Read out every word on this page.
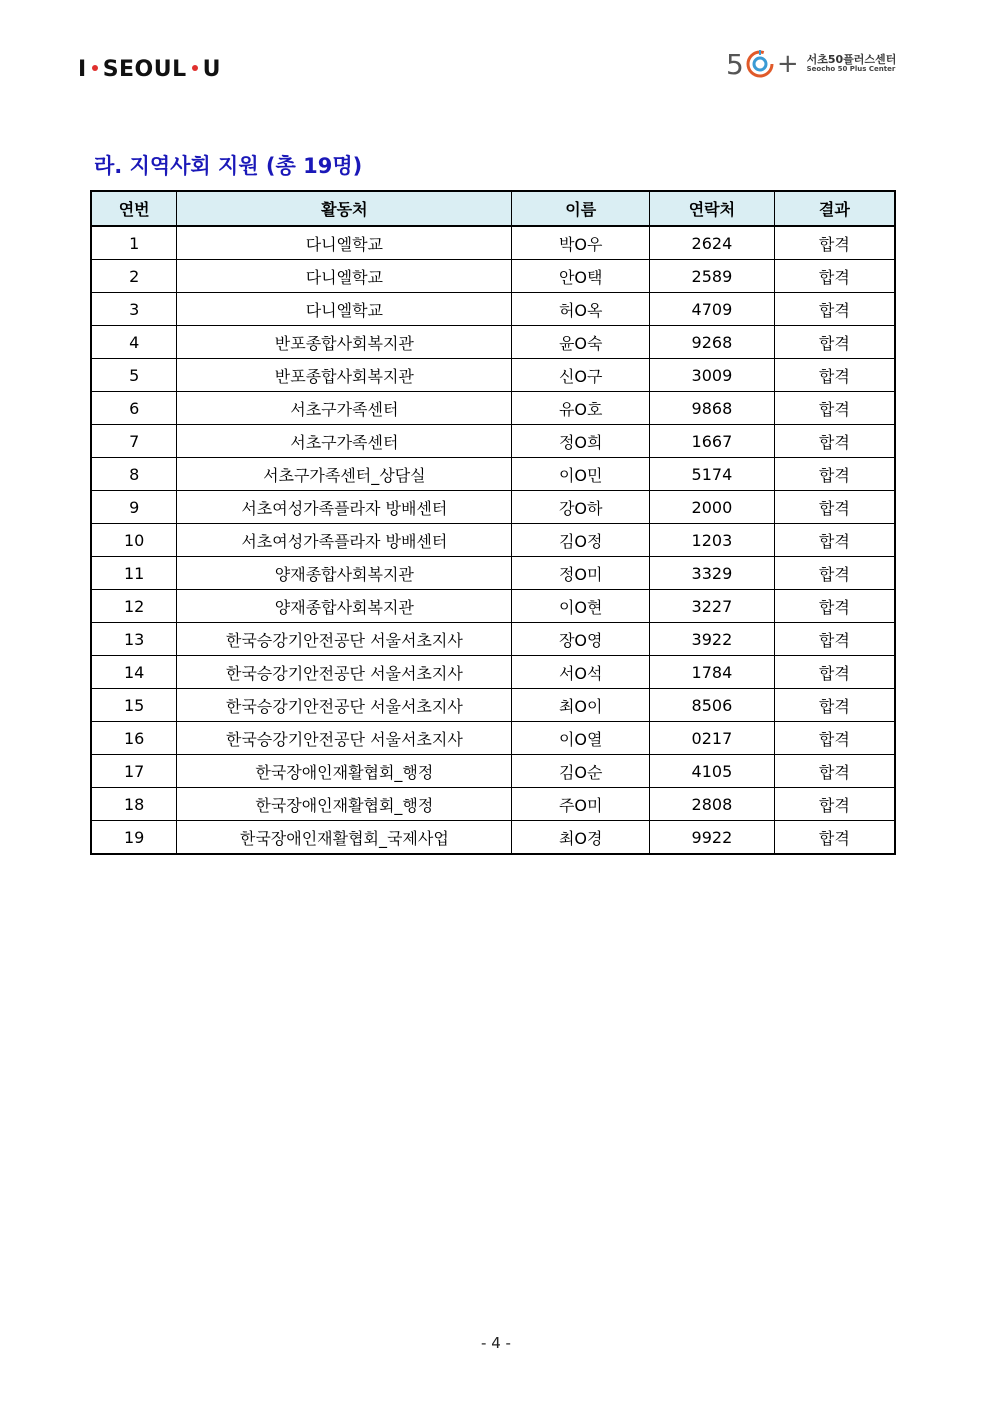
I SEOUL U	5 + 서초50플러스센터
Seocho 50 Plus Center
라. 지역사회 지원 (총 19명)
연번	활동처	이름	연락처	결과
1	다니엘학교	박O우	2624	합격
2	다니엘학교	안O택	2589	합격
3	다니엘학교	허O옥	4709	합격
4	반포종합사회복지관	윤O숙	9268	합격
5	반포종합사회복지관	신O구	3009	합격
6	서초구가족센터	유O호	9868	합격
7	서초구가족센터	정O희	1667	합격
8	서초구가족센터_상담실	이O민	5174	합격
9	서초여성가족플라자 방배센터	강O하	2000	합격
10	서초여성가족플라자 방배센터	김O정	1203	합격
11	양재종합사회복지관	정O미	3329	합격
12	양재종합사회복지관	이O현	3227	합격
13	한국승강기안전공단 서울서초지사	장O영	3922	합격
14	한국승강기안전공단 서울서초지사	서O석	1784	합격
15	한국승강기안전공단 서울서초지사	최O이	8506	합격
16	한국승강기안전공단 서울서초지사	이O열	0217	합격
17	한국장애인재활협회_행정	김O순	4105	합격
18	한국장애인재활협회_행정	주O미	2808	합격
19	한국장애인재활협회_국제사업	최O경	9922	합격
- 4 -
